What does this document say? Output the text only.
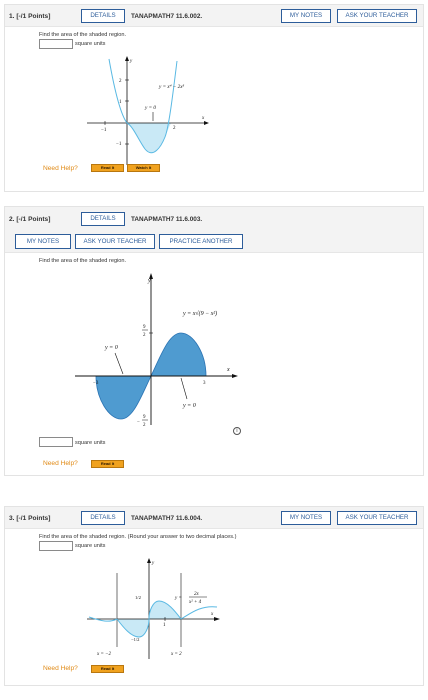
1. [-/1 Points]	DETAILS	TANAPMATH7 11.6.002.	MY NOTES	ASK YOUR TEACHER
Find the area of the shaded region.
square units
y
x
2
1
−1
−1	2
y = x⁴ − 2x³
y = 0
Need Help?	Read It	Watch It
2. [-/1 Points]	DETAILS	TANAPMATH7 11.6.003.
MY NOTES	ASK YOUR TEACHER	PRACTICE ANOTHER
Find the area of the shaded region.
y
x
9
2
−
9
2
−3	3
y = x√(9 − x²)
y = 0
y = 0
i
square units
Need Help?	Read It
3. [-/1 Points]	DETAILS	TANAPMATH7 11.6.004.	MY NOTES	ASK YOUR TEACHER
Find the area of the shaded region. (Round your answer to two decimal places.)
square units
y
x
1/2
−1/2
1
y =
2x
x² + 4
x = −2	x = 2
Need Help?	Read It
